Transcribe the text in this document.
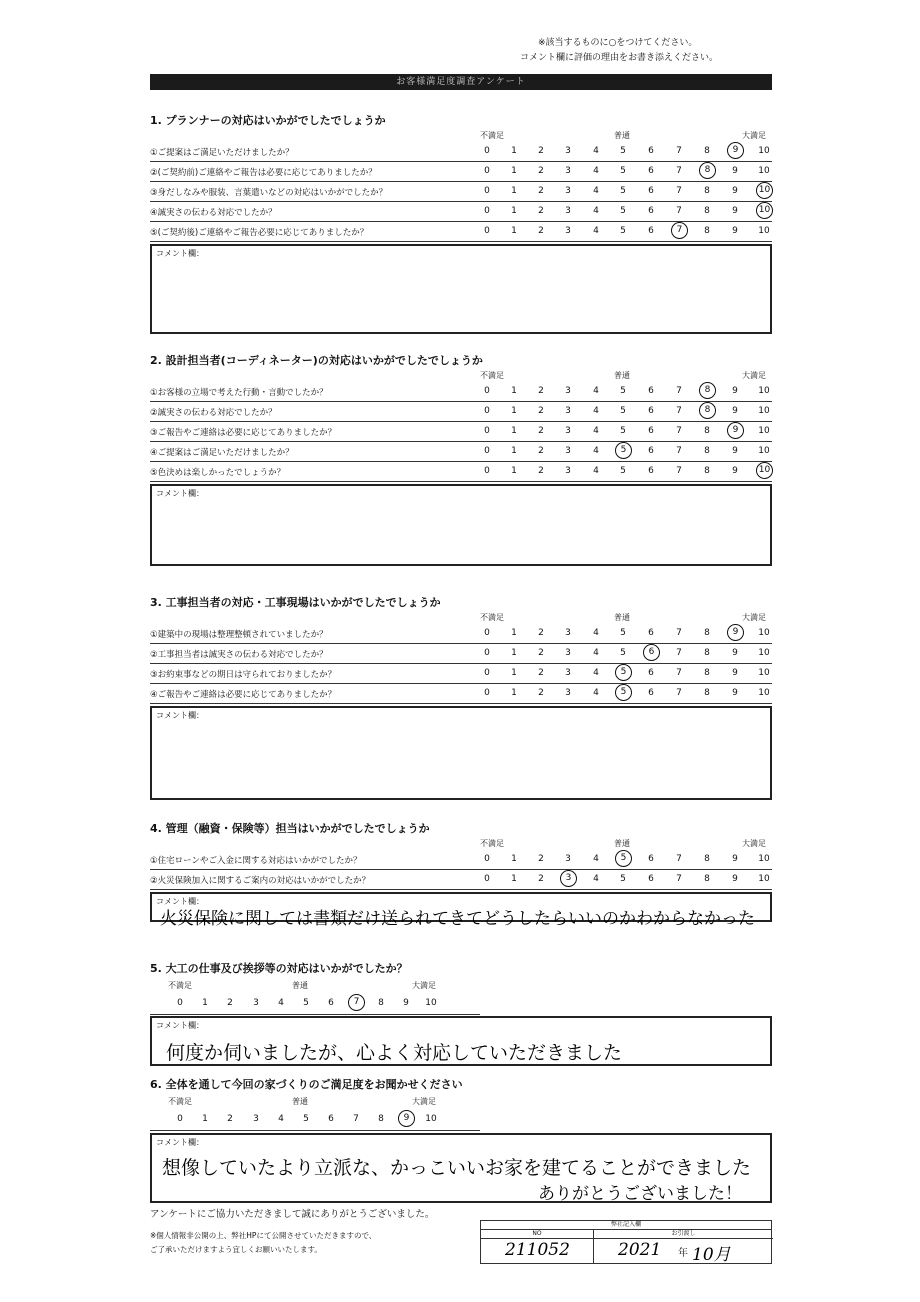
※該当するものに○をつけてください。
コメント欄に評価の理由をお書き添えください。
お客様満足度調査アンケート
1. プランナーの対応はいかがでしたでしょうか
不満足	普通	大満足
①ご提案はご満足いただけましたか？	0	1	2	3	4	5	6	7	8	9	10
②(ご契約前)ご連絡やご報告は必要に応じてありましたか？	0	1	2	3	4	5	6	7	8	9	10
③身だしなみや服装、言葉遣いなどの対応はいかがでしたか？	0	1	2	3	4	5	6	7	8	9	10
④誠実さの伝わる対応でしたか？	0	1	2	3	4	5	6	7	8	9	10
⑤(ご契約後)ご連絡やご報告必要に応じてありましたか？	0	1	2	3	4	5	6	7	8	9	10
コメント欄：
2. 設計担当者(コーディネーター)の対応はいかがでしたでしょうか
不満足	普通	大満足
①お客様の立場で考えた行動・言動でしたか？	0	1	2	3	4	5	6	7	8	9	10
②誠実さの伝わる対応でしたか？	0	1	2	3	4	5	6	7	8	9	10
③ご報告やご連絡は必要に応じてありましたか？	0	1	2	3	4	5	6	7	8	9	10
④ご提案はご満足いただけましたか？	0	1	2	3	4	5	6	7	8	9	10
⑤色決めは楽しかったでしょうか？	0	1	2	3	4	5	6	7	8	9	10
コメント欄：
3. 工事担当者の対応・工事現場はいかがでしたでしょうか
不満足	普通	大満足
①建築中の現場は整理整頓されていましたか？	0	1	2	3	4	5	6	7	8	9	10
②工事担当者は誠実さの伝わる対応でしたか？	0	1	2	3	4	5	6	7	8	9	10
③お約束事などの期日は守られておりましたか？	0	1	2	3	4	5	6	7	8	9	10
④ご報告やご連絡は必要に応じてありましたか？	0	1	2	3	4	5	6	7	8	9	10
コメント欄：
4. 管理（融資・保険等）担当はいかがでしたでしょうか
不満足	普通	大満足
①住宅ローンやご入金に関する対応はいかがでしたか？	0	1	2	3	4	5	6	7	8	9	10
②火災保険加入に関するご案内の対応はいかがでしたか？	0	1	2	3	4	5	6	7	8	9	10
コメント欄：
火災保険に関しては書類だけ送られてきてどうしたらいいのかわからなかった
5. 大工の仕事及び挨拶等の対応はいかがでしたか？
不満足	普通	大満足
0	1	2	3	4	5	6	7	8	9	10
コメント欄：
何度か伺いましたが、心よく対応していただきました
6. 全体を通して今回の家づくりのご満足度をお聞かせください
不満足	普通	大満足
0	1	2	3	4	5	6	7	8	9	10
コメント欄：
想像していたより立派な、かっこいいお家を建てることができました
ありがとうございました！
アンケートにご協力いただきまして誠にありがとうございました。
※個人情報非公開の上、弊社HPにて公開させていただきますので、
ご了承いただけますよう宜しくお願いいたします。
弊社記入欄
NO	お引渡し
211052	2021 年 10月
